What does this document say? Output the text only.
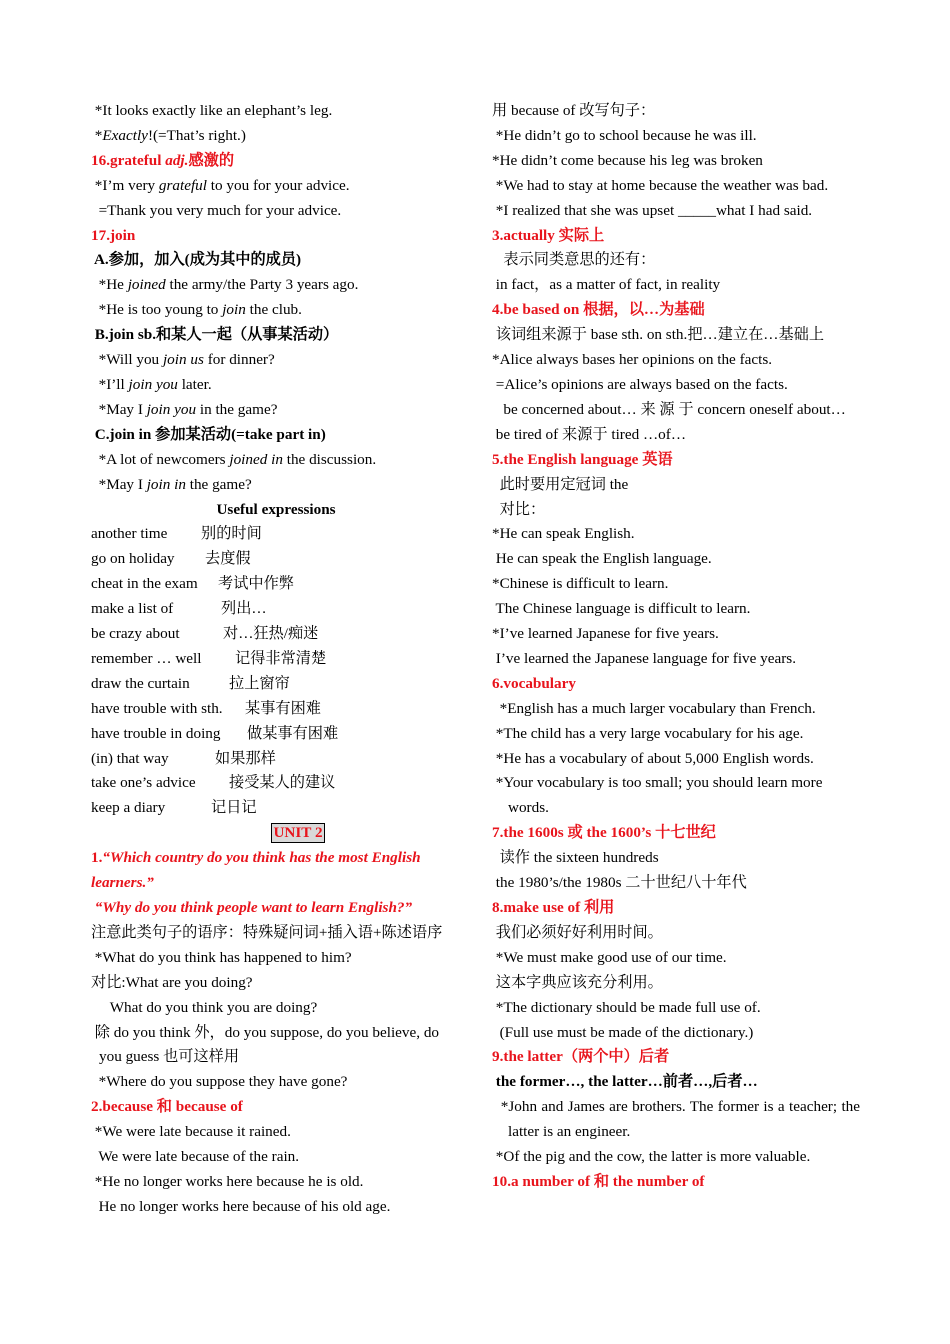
*It looks exactly like an elephant’s leg.
*Exactly!(=That’s right.)
16.grateful adj.感激的
*I’m very grateful to you for your advice.
=Thank you very much for your advice.
17.join
A.参加，加入(成为其中的成员)
*He joined the army/the Party 3 years ago.
*He is too young to join the club.
B.join sb.和某人一起（从事某活动）
*Will you join us for dinner?
*I’ll join you later.
*May I join you in the game?
C.join in 参加某活动(=take part in)
*A lot of newcomers joined in the discussion.
*May I join in the game?
Useful expressions
another time 别的时间
go on holiday 去度假
cheat in the exam 考试中作弊
make a list of	列出…
be crazy about	对…狂热/痴迷
remember … well 记得非常清楚
draw the curtain	拉上窗帘
have trouble with sth. 某事有困难
have trouble in doing 做某事有困难
(in) that way	如果那样
take one’s advice 接受某人的建议
keep a diary	记日记
UNIT 2
1.“Which country do you think has the most English learners.”
“Why do you think people want to learn English?”
注意此类句子的语序：特殊疑问词+插入语+陈述语序
*What do you think has happened to him?
对比:What are you doing?
What do you think you are doing?
除 do you think 外，do you suppose, do you believe, do you guess 也可这样用
*Where do you suppose they have gone?
2.because 和 because of
*We were late because it rained.
We were late because of the rain.
*He no longer works here because he is old.
He no longer works here because of his old age.
用 because of 改写句子：
*He didn’t go to school because he was ill.
*He didn’t come because his leg was broken
*We had to stay at home because the weather was bad.
*I realized that she was upset _____what I had said.
3.actually 实际上
表示同类意思的还有：
in fact，as a matter of fact, in reality
4.be based on 根据，以…为基础
该词组来源于 base sth. on sth.把…建立在…基础上
*Alice always bases her opinions on the facts.
=Alice’s opinions are always based on the facts.
be concerned about… 来 源 于 concern oneself about…
be tired of 来源于 tired …of…
5.the English language 英语
此时要用定冠词 the
对比：
*He can speak English.
He can speak the English language.
*Chinese is difficult to learn.
The Chinese language is difficult to learn.
*I’ve learned Japanese for five years.
I’ve learned the Japanese language for five years.
6.vocabulary
*English has a much larger vocabulary than French.
*The child has a very large vocabulary for his age.
*He has a vocabulary of about 5,000 English words.
*Your vocabulary is too small; you should learn more words.
7.the 1600s 或 the 1600’s 十七世纪
读作 the sixteen hundreds
the 1980’s/the 1980s 二十世纪八十年代
8.make use of 利用
我们必须好好利用时间。
*We must make good use of our time.
这本字典应该充分利用。
*The dictionary should be made full use of.
(Full use must be made of the dictionary.)
9.the latter（两个中）后者
the former…, the latter…前者…,后者…
*John and James are brothers. The former is a teacher; the latter is an engineer.
*Of the pig and the cow, the latter is more valuable.
10.a number of 和 the number of
